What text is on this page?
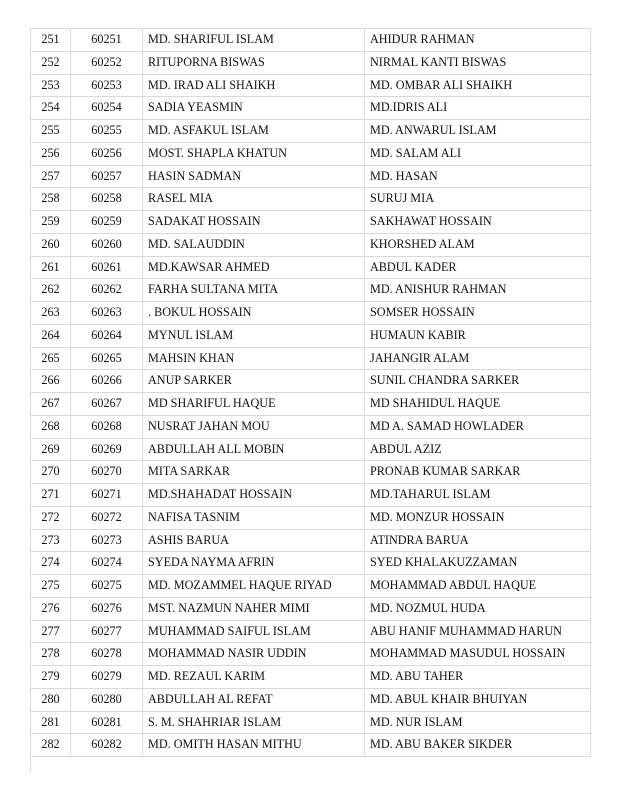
251	60251	MD. SHARIFUL ISLAM	AHIDUR RAHMAN
252	60252	RITUPORNA BISWAS	NIRMAL KANTI BISWAS
253	60253	MD. IRAD ALI SHAIKH	MD. OMBAR ALI SHAIKH
254	60254	SADIA YEASMIN	MD.IDRIS ALI
255	60255	MD. ASFAKUL ISLAM	MD. ANWARUL ISLAM
256	60256	MOST. SHAPLA KHATUN	MD. SALAM ALI
257	60257	HASIN SADMAN	MD. HASAN
258	60258	RASEL MIA	SURUJ MIA
259	60259	SADAKAT HOSSAIN	SAKHAWAT HOSSAIN
260	60260	MD. SALAUDDIN	KHORSHED ALAM
261	60261	MD.KAWSAR AHMED	ABDUL KADER
262	60262	FARHA SULTANA MITA	MD. ANISHUR RAHMAN
263	60263	. BOKUL HOSSAIN	SOMSER HOSSAIN
264	60264	MYNUL ISLAM	HUMAUN KABIR
265	60265	MAHSIN KHAN	JAHANGIR ALAM
266	60266	ANUP SARKER	SUNIL CHANDRA SARKER
267	60267	MD SHARIFUL HAQUE	MD SHAHIDUL HAQUE
268	60268	NUSRAT JAHAN MOU	MD A. SAMAD HOWLADER
269	60269	ABDULLAH ALL MOBIN	ABDUL AZIZ
270	60270	MITA SARKAR	PRONAB KUMAR SARKAR
271	60271	MD.SHAHADAT HOSSAIN	MD.TAHARUL ISLAM
272	60272	NAFISA TASNIM	MD. MONZUR HOSSAIN
273	60273	ASHIS BARUA	ATINDRA BARUA
274	60274	SYEDA NAYMA AFRIN	SYED KHALAKUZZAMAN
275	60275	MD. MOZAMMEL HAQUE RIYAD	MOHAMMAD ABDUL HAQUE
276	60276	MST. NAZMUN NAHER MIMI	MD. NOZMUL HUDA
277	60277	MUHAMMAD SAIFUL ISLAM	ABU HANIF MUHAMMAD HARUN
278	60278	MOHAMMAD NASIR UDDIN	MOHAMMAD MASUDUL HOSSAIN
279	60279	MD. REZAUL KARIM	MD. ABU TAHER
280	60280	ABDULLAH AL REFAT	MD. ABUL KHAIR BHUIYAN
281	60281	S. M. SHAHRIAR ISLAM	MD. NUR ISLAM
282	60282	MD. OMITH HASAN MITHU	MD. ABU BAKER SIKDER
